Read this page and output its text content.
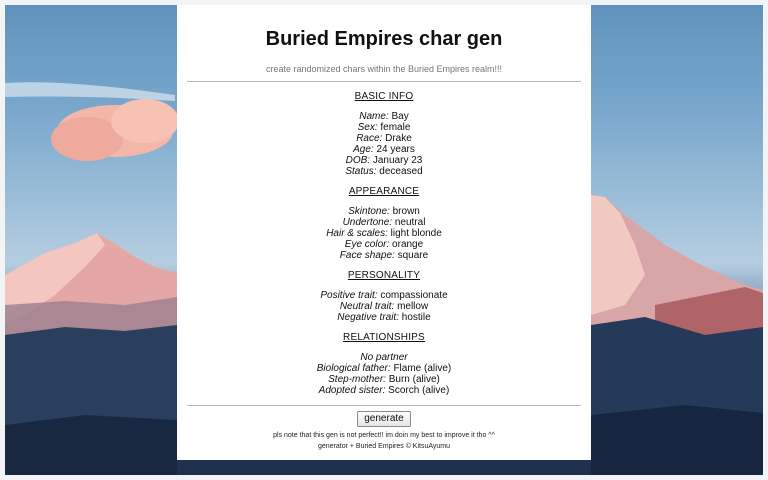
Buried Empires char gen
create randomized chars within the Buried Empires realm!!!
BASIC INFO
Name: Bay
Sex: female
Race: Drake
Age: 24 years
DOB: January 23
Status: deceased
APPEARANCE
Skintone: brown
Undertone: neutral
Hair & scales: light blonde
Eye color: orange
Face shape: square
PERSONALITY
Positive trait: compassionate
Neutral trait: mellow
Negative trait: hostile
RELATIONSHIPS
No partner
Biological father: Flame (alive)
Step-mother: Burn (alive)
Adopted sister: Scorch (alive)
generate
pls note that this gen is not perfect!! im doin my best to improve it tho ^^
generator + Buried Empires © KitsuAyumu
